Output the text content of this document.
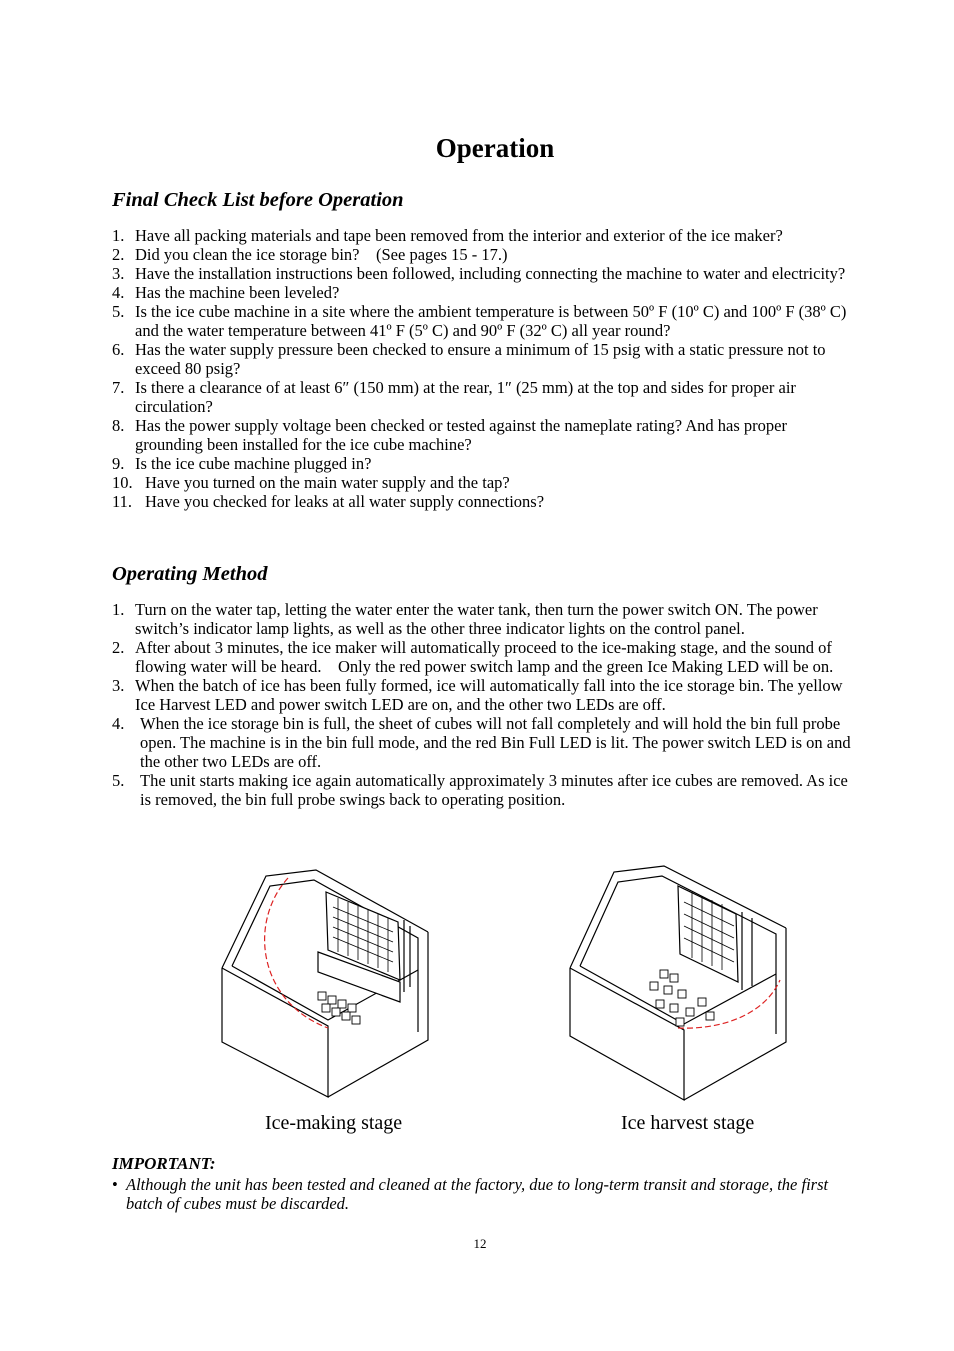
Operation
Final Check List before Operation
1. Have all packing materials and tape been removed from the interior and exterior of the ice maker?
2. Did you clean the ice storage bin?    (See pages 15 - 17.)
3. Have the installation instructions been followed, including connecting the machine to water and electricity?
4. Has the machine been leveled?
5. Is the ice cube machine in a site where the ambient temperature is between 50º F (10º C) and 100º F (38º C) and the water temperature between 41º F (5º C) and 90º F (32º C) all year round?
6. Has the water supply pressure been checked to ensure a minimum of 15 psig with a static pressure not to exceed 80 psig?
7. Is there a clearance of at least 6″ (150 mm) at the rear, 1″ (25 mm) at the top and sides for proper air circulation?
8. Has the power supply voltage been checked or tested against the nameplate rating? And has proper grounding been installed for the ice cube machine?
9. Is the ice cube machine plugged in?
10. Have you turned on the main water supply and the tap?
11. Have you checked for leaks at all water supply connections?
Operating Method
1. Turn on the water tap, letting the water enter the water tank, then turn the power switch ON. The power switch’s indicator lamp lights, as well as the other three indicator lights on the control panel.
2. After about 3 minutes, the ice maker will automatically proceed to the ice-making stage, and the sound of flowing water will be heard.    Only the red power switch lamp and the green Ice Making LED will be on.
3. When the batch of ice has been fully formed, ice will automatically fall into the ice storage bin. The yellow Ice Harvest LED and power switch LED are on, and the other two LEDs are off.
4. When the ice storage bin is full, the sheet of cubes will not fall completely and will hold the bin full probe open. The machine is in the bin full mode, and the red Bin Full LED is lit. The power switch LED is on and the other two LEDs are off.
5. The unit starts making ice again automatically approximately 3 minutes after ice cubes are removed. As ice is removed, the bin full probe swings back to operating position.

Ice-making stage	Ice harvest stage

IMPORTANT:

• Although the unit has been tested and cleaned at the factory, due to long-term transit and storage, the first batch of cubes must be discarded.

12
